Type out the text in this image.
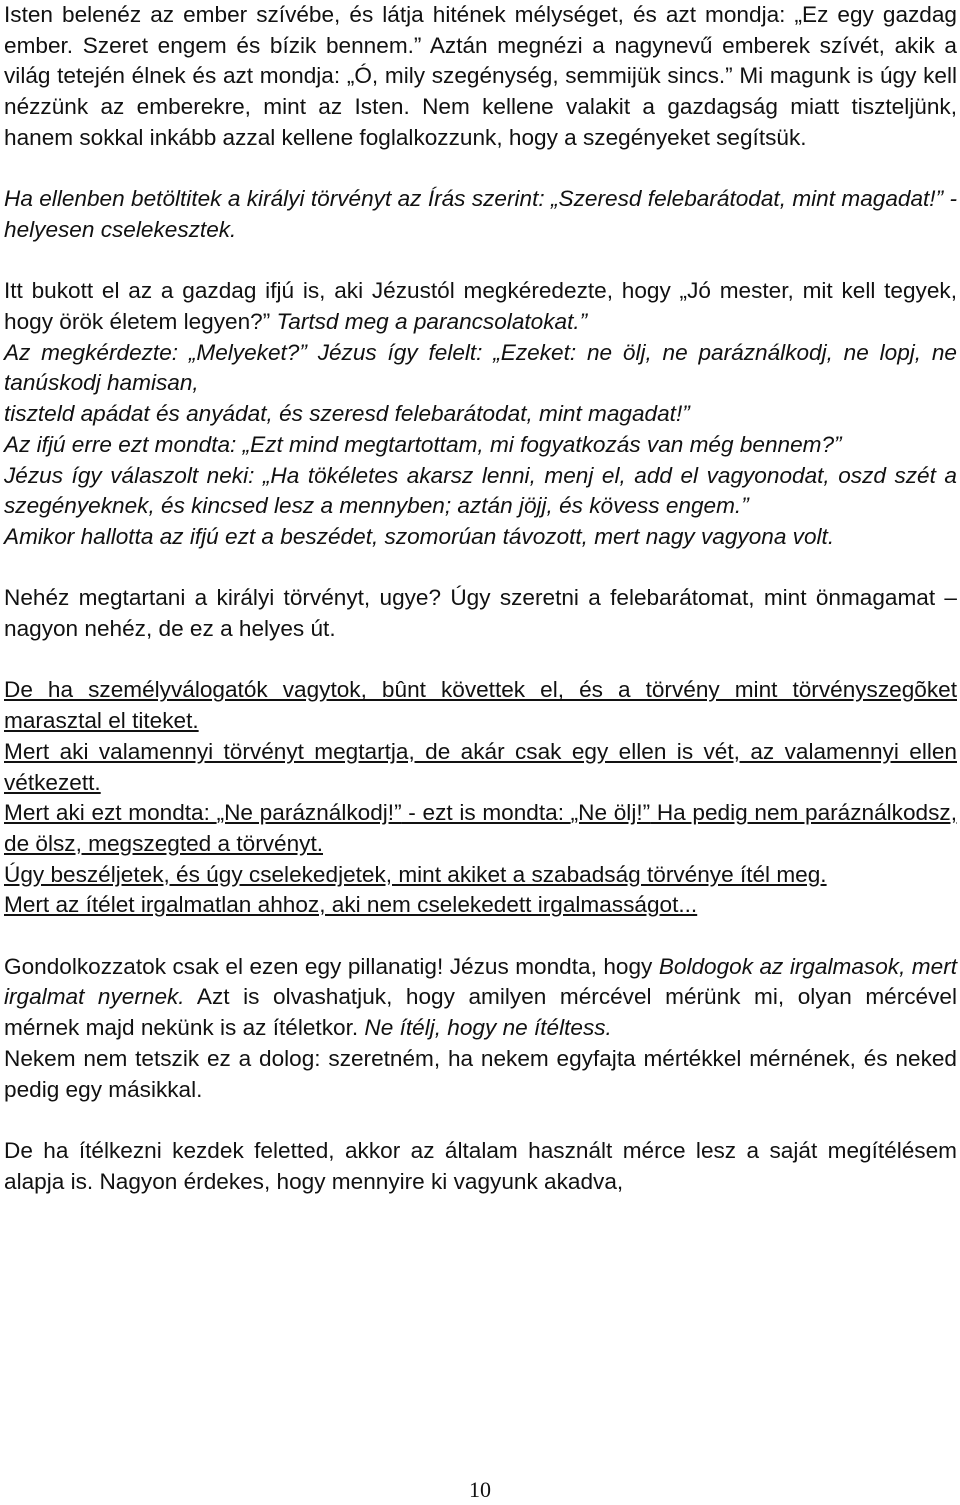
Isten belenéz az ember szívébe, és látja hitének mélységet, és azt mondja: „Ez egy gazdag ember. Szeret engem és bízik bennem.” Aztán megnézi a nagynevű emberek szívét, akik a világ tetején élnek és azt mondja: „Ó, mily szegénység, semmijük sincs.” Mi magunk is úgy kell nézzünk az emberekre, mint az Isten. Nem kellene valakit a gazdagság miatt tiszteljünk, hanem sokkal inkább azzal kellene foglalkozzunk, hogy a szegényeket segítsük.

Ha ellenben betöltitek a királyi törvényt az Írás szerint: „Szeresd felebarátodat, mint magadat!” - helyesen cselekesztek.

Itt bukott el az a gazdag ifjú is, aki Jézustól megkéredezte, hogy „Jó mester, mit kell tegyek, hogy örök életem legyen?” Tartsd meg a parancsolatokat.”

Az megkérdezte: „Melyeket?” Jézus így felelt: „Ezeket: ne ölj, ne paráználkodj, ne lopj, ne tanúskodj hamisan,
tiszteld apádat és anyádat, és szeresd felebarátodat, mint magadat!”

Az ifjú erre ezt mondta: „Ezt mind megtartottam, mi fogyatkozás van még bennem?”

Jézus így válaszolt neki: „Ha tökéletes akarsz lenni, menj el, add el vagyonodat, oszd szét a szegényeknek, és kincsed lesz a mennyben; aztán jöjj, és kövess engem.”

Amikor hallotta az ifjú ezt a beszédet, szomorúan távozott, mert nagy vagyona volt.

Nehéz megtartani a királyi törvényt, ugye? Úgy szeretni a felebarátomat, mint önmagamat – nagyon nehéz, de ez a helyes út.

De ha személyválogatók vagytok, bûnt követtek el, és a törvény mint törvényszegõket marasztal el titeket.

Mert aki valamennyi törvényt megtartja, de akár csak egy ellen is vét, az valamennyi ellen vétkezett.

Mert aki ezt mondta: „Ne paráználkodj!” - ezt is mondta: „Ne ölj!” Ha pedig nem paráználkodsz, de ölsz, megszegted a törvényt.

Úgy beszéljetek, és úgy cselekedjetek, mint akiket a szabadság törvénye ítél meg.

Mert az ítélet irgalmatlan ahhoz, aki nem cselekedett irgalmasságot...

Gondolkozzatok csak el ezen egy pillanatig! Jézus mondta, hogy Boldogok az irgalmasok, mert irgalmat nyernek. Azt is olvashatjuk, hogy amilyen mércével mérünk mi, olyan mércével mérnek majd nekünk is az ítéletkor. Ne ítélj, hogy ne ítéltess.

Nekem nem tetszik ez a dolog: szeretném, ha nekem egyfajta mértékkel mérnének, és neked pedig egy másikkal.

De ha ítélkezni kezdek feletted, akkor az általam használt mérce lesz a saját megítélésem alapja is. Nagyon érdekes, hogy mennyire ki vagyunk akadva,

10
